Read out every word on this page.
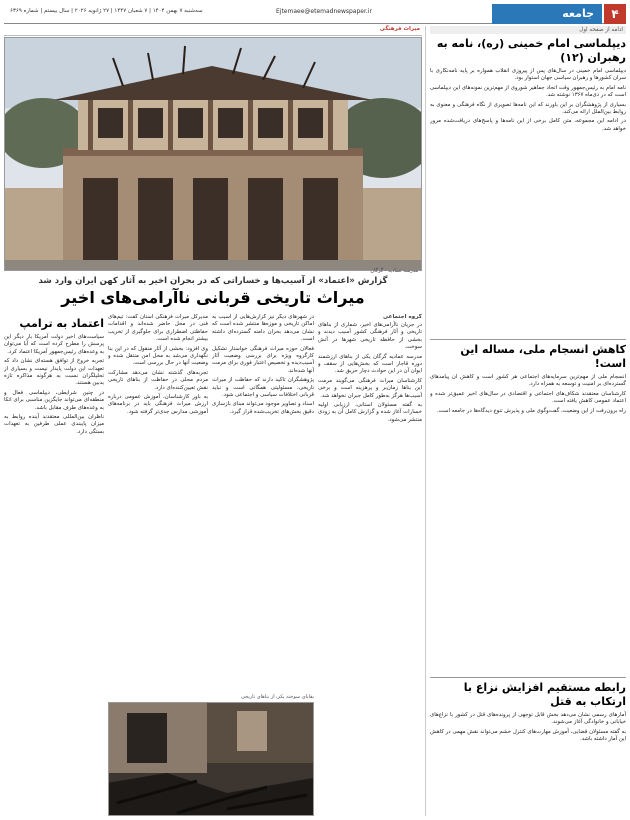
۴
جامعه
Ejtemaee@etemadnewspaper.ir
سه‌شنبه ۷ بهمن ۱۴۰۴ | ۷ شعبان ۱۴۴۷ | ۲۷ ژانویه ۲۰۲۶ | سال بیستم | شماره ۶۳۶۹
ادامه از صفحه اول
دیپلماسی امام خمینی (ره)، نامه به رهبران (۱۲)

دیپلماسی امام خمینی در سال‌های پس از پیروزی انقلاب همواره بر پایه نامه‌نگاری با سران کشورها و رهبران سیاسی جهان استوار بود.

نامه امام به رئیس‌جمهور وقت اتحاد جماهیر شوروی از مهم‌ترین نمونه‌های این دیپلماسی است که در دی‌ماه ۱۳۶۷ نوشته شد.

بسیاری از پژوهشگران بر این باورند که این نامه‌ها تصویری از نگاه فرهنگی و معنوی به روابط بین‌الملل ارائه می‌کند.

در ادامه این مجموعه، متن کامل برخی از این نامه‌ها و پاسخ‌های دریافت‌شده مرور خواهد شد.

کاهش انسجام ملی، مساله این است!

انسجام ملی از مهم‌ترین سرمایه‌های اجتماعی هر کشور است و کاهش آن پیامدهای گسترده‌ای بر امنیت و توسعه به همراه دارد.

کارشناسان معتقدند شکاف‌های اجتماعی و اقتصادی در سال‌های اخیر عمیق‌تر شده و اعتماد عمومی کاهش یافته است.

راه برون‌رفت از این وضعیت، گفت‌وگوی ملی و پذیرش تنوع دیدگاه‌ها در جامعه است.

رابطه مستقیم افزایش نزاع با ارتکاب به قتل

آمارهای رسمی نشان می‌دهد بخش قابل توجهی از پرونده‌های قتل در کشور با نزاع‌های خیابانی و خانوادگی آغاز می‌شوند.

به گفته مسئولان قضایی، آموزش مهارت‌های کنترل خشم می‌تواند نقش مهمی در کاهش این آمار داشته باشد.

میراث فرهنگی
مدرسه عمادیه - گرگان
گزارش «اعتماد» از آسیب‌ها و خساراتی که در بحران اخیر به آثار کهن ایران وارد شد
میراث تاریخی قربانی ناآرامی‌های اخیر
گروه اجتماعی

در جریان ناآرامی‌های اخیر، شماری از بناهای تاریخی و آثار فرهنگی کشور آسیب دیدند و بخشی از حافظه تاریخی شهرها در آتش سوخت.

مدرسه عمادیه گرگان یکی از بناهای ارزشمند دوره قاجار است که بخش‌هایی از سقف و ایوان آن در این حوادث دچار حریق شد.

کارشناسان میراث فرهنگی می‌گویند مرمت این بناها زمان‌بر و پرهزینه است و برخی آسیب‌ها هرگز به‌طور کامل جبران نخواهد شد.

به گفته مسئولان استانی، ارزیابی اولیه خسارات آغاز شده و گزارش کامل آن به زودی منتشر می‌شود.

در شهرهای دیگر نیز گزارش‌هایی از آسیب به اماکن تاریخی و موزه‌ها منتشر شده است که نشان می‌دهد بحران دامنه گسترده‌ای داشته است.

فعالان حوزه میراث فرهنگی خواستار تشکیل کارگروه ویژه برای بررسی وضعیت آثار آسیب‌دیده و تخصیص اعتبار فوری برای مرمت آنها شده‌اند.

پژوهشگران تاکید دارند که حفاظت از میراث تاریخی، مسئولیتی همگانی است و نباید قربانی اختلافات سیاسی و اجتماعی شود.

اسناد و تصاویر موجود می‌تواند مبنای بازسازی دقیق بخش‌های تخریب‌شده قرار گیرد.

مدیرکل میراث فرهنگی استان گفت: تیم‌های فنی در محل حاضر شده‌اند و اقدامات حفاظتی اضطراری برای جلوگیری از تخریب بیشتر انجام شده است.

وی افزود: بخشی از آثار منقول که در این بنا نگهداری می‌شد به محل امن منتقل شده و وضعیت آنها در حال بررسی است.

تجربه‌های گذشته نشان می‌دهد مشارکت مردم محلی در حفاظت از بناهای تاریخی نقش تعیین‌کننده‌ای دارد.

به باور کارشناسان، آموزش عمومی درباره ارزش میراث فرهنگی باید در برنامه‌های آموزشی مدارس جدی‌تر گرفته شود.

اعتماد به ترامپ

سیاست‌های اخیر دولت آمریکا بار دیگر این پرسش را مطرح کرده است که آیا می‌توان به وعده‌های رئیس‌جمهور آمریکا اعتماد کرد.

تجربه خروج از توافق هسته‌ای نشان داد که تعهدات این دولت پایدار نیست و بسیاری از تحلیلگران نسبت به هرگونه مذاکره تازه بدبین هستند.

در چنین شرایطی، دیپلماسی فعال و منطقه‌ای می‌تواند جایگزین مناسبی برای اتکا به وعده‌های طرف مقابل باشد.

ناظران بین‌المللی معتقدند آینده روابط به میزان پایبندی عملی طرفین به تعهدات بستگی دارد.

بقایای سوخته یکی از بناهای تاریخی
